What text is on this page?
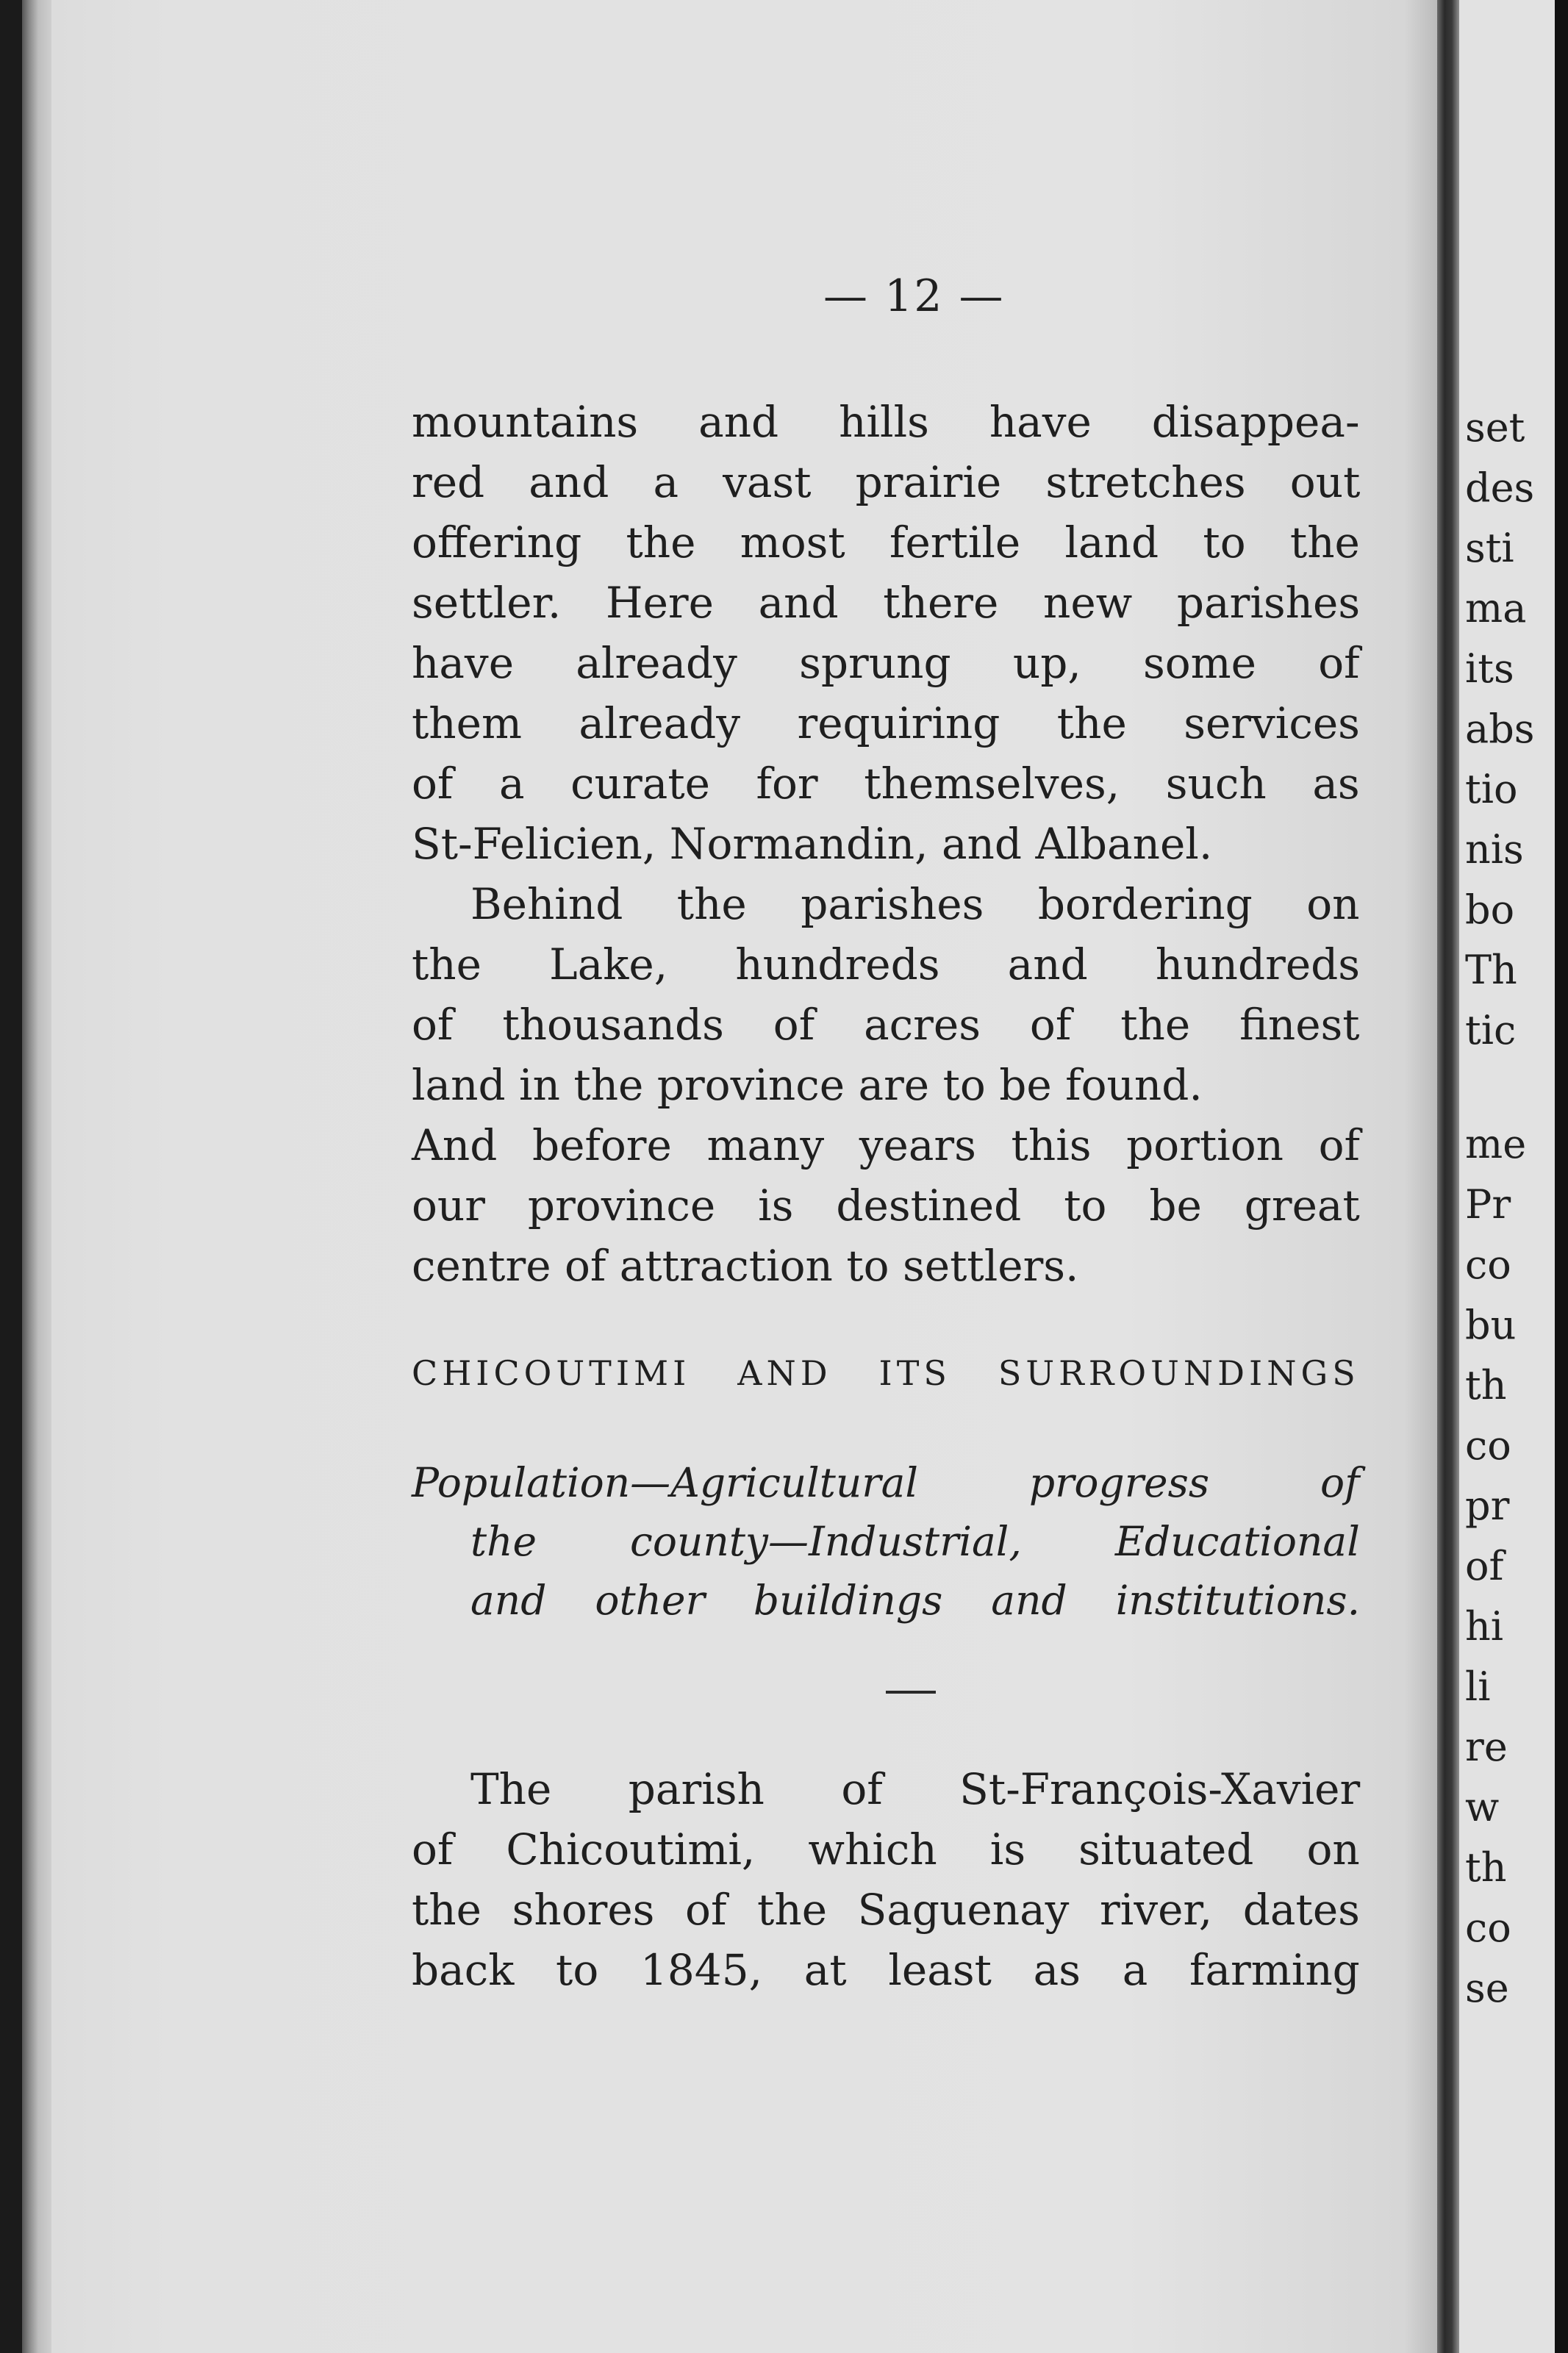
— 12 —
mountains and hills have disappea-
red and a vast prairie stretches out
offering the most fertile land to the
settler. Here and there new parishes
have already sprung up, some of
them already requiring the services
of a curate for themselves, such as
St-Felicien, Normandin, and Albanel.
Behind the parishes bordering on
the Lake, hundreds and hundreds
of thousands of acres of the finest
land in the province are to be found.
And before many years this portion of
our province is destined to be great
centre of attraction to settlers.
CHICOUTIMI AND ITS SURROUNDINGS
Population—Agricultural progress of
the county—Industrial, Educational
and other buildings and institutions.
The parish of St-François-Xavier
of Chicoutimi, which is situated on
the shores of the Saguenay river, dates
back to 1845, at least as a farming
set
des
sti
ma
its
abs
tio
nis
bo
Th
tic
me
Pr
co
bu
th
co
pr
of
hi
li
re
w
th
co
se
